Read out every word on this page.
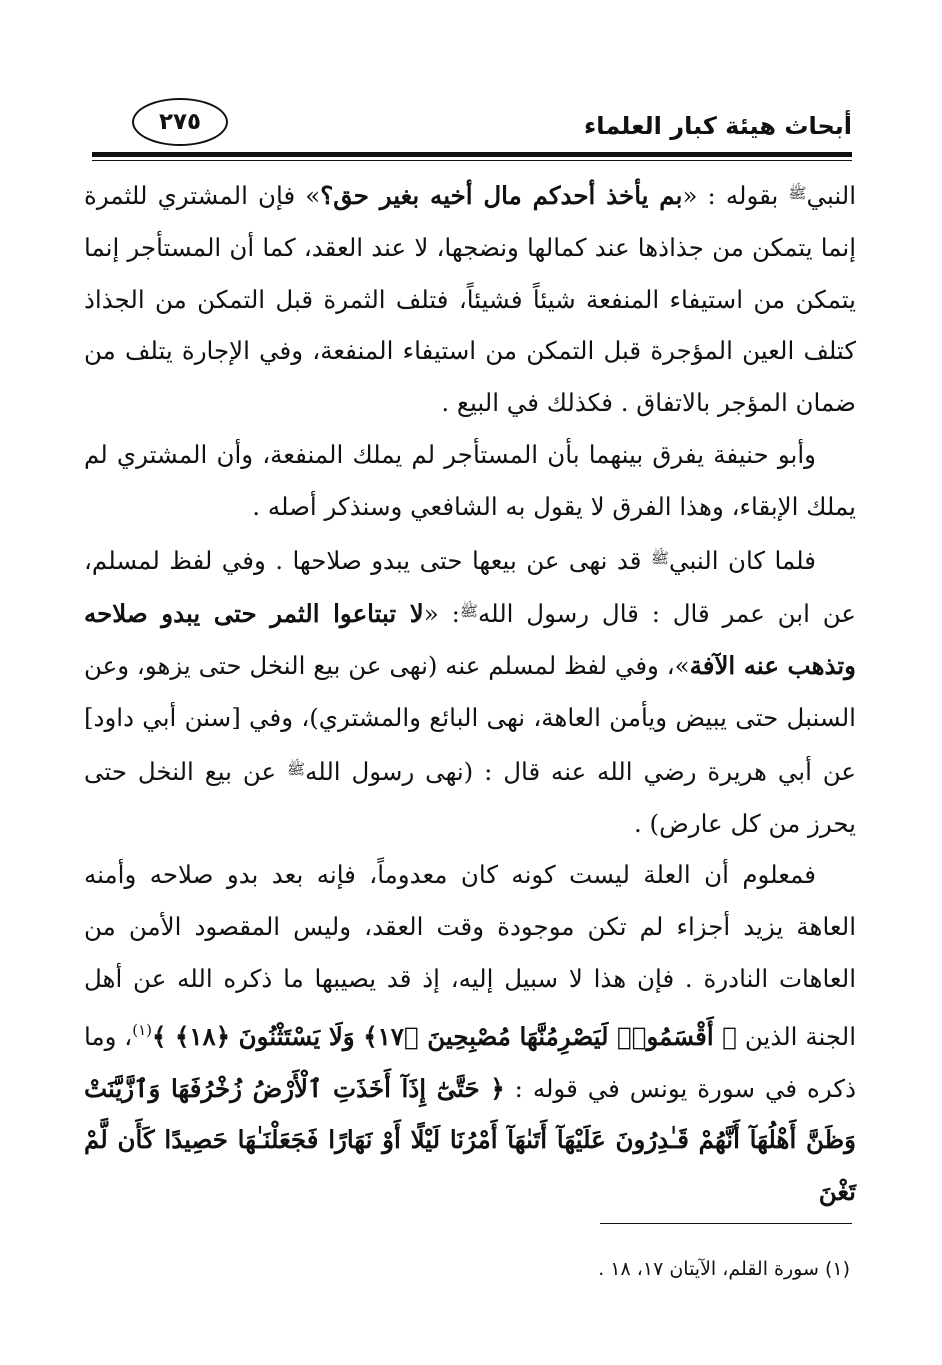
أبحاث هيئة كبار العلماء
٢٧٥

النبي$^ﷺ$ بقوله : «بم يأخذ أحدكم مال أخيه بغير حق؟» فإن المشتري للثمرة إنما يتمكن من جذاذها عند كمالها ونضجها، لا عند العقد، كما أن المستأجر إنما يتمكن من استيفاء المنفعة شيئاً فشيئاً، فتلف الثمرة قبل التمكن من الجذاذ كتلف العين المؤجرة قبل التمكن من استيفاء المنفعة، وفي الإجارة يتلف من ضمان المؤجر بالاتفاق . فكذلك في البيع .

وأبو حنيفة يفرق بينهما بأن المستأجر لم يملك المنفعة، وأن المشتري لم يملك الإبقاء، وهذا الفرق لا يقول به الشافعي وسنذكر أصله .

فلما كان النبي$^ﷺ$ قد نهى عن بيعها حتى يبدو صلاحها . وفي لفظ لمسلم، عن ابن عمر قال : قال رسول الله$^ﷺ$: «لا تبتاعوا الثمر حتى يبدو صلاحه وتذهب عنه الآفة»، وفي لفظ لمسلم عنه (نهى عن بيع النخل حتى يزهو، وعن السنبل حتى يبيض ويأمن العاهة، نهى البائع والمشتري)، وفي [سنن أبي داود] عن أبي هريرة رضي الله عنه قال : (نهى رسول الله$^ﷺ$ عن بيع النخل حتى يحرز من كل عارض) .

فمعلوم أن العلة ليست كونه كان معدوماً، فإنه بعد بدو صلاحه وأمنه العاهة يزيد أجزاء لم تكن موجودة وقت العقد، وليس المقصود الأمن من العاهات النادرة . فإن هذا لا سبيل إليه، إذ قد يصيبها ما ذكره الله عن أهل الجنة الذين ﴿ أَقْسَمُوا۟ لَيَصْرِمُنَّهَا مُصْبِحِينَ ﴿١٧﴾ وَلَا يَسْتَثْنُونَ ﴿١٨﴾ ﴾$^{(١)}$، وما ذكره في سورة يونس في قوله : ﴿ حَتَّىٰٓ إِذَآ أَخَذَتِ ٱلْأَرْضُ زُخْرُفَهَا وَٱزَّيَّنَتْ وَظَنَّ أَهْلُهَآ أَنَّهُمْ قَـٰدِرُونَ عَلَيْهَآ أَتَىٰهَآ أَمْرُنَا لَيْلًا أَوْ نَهَارًا فَجَعَلْنَـٰهَا حَصِيدًا كَأَن لَّمْ تَغْنَ

(١) سورة القلم، الآيتان ١٧، ١٨ .
